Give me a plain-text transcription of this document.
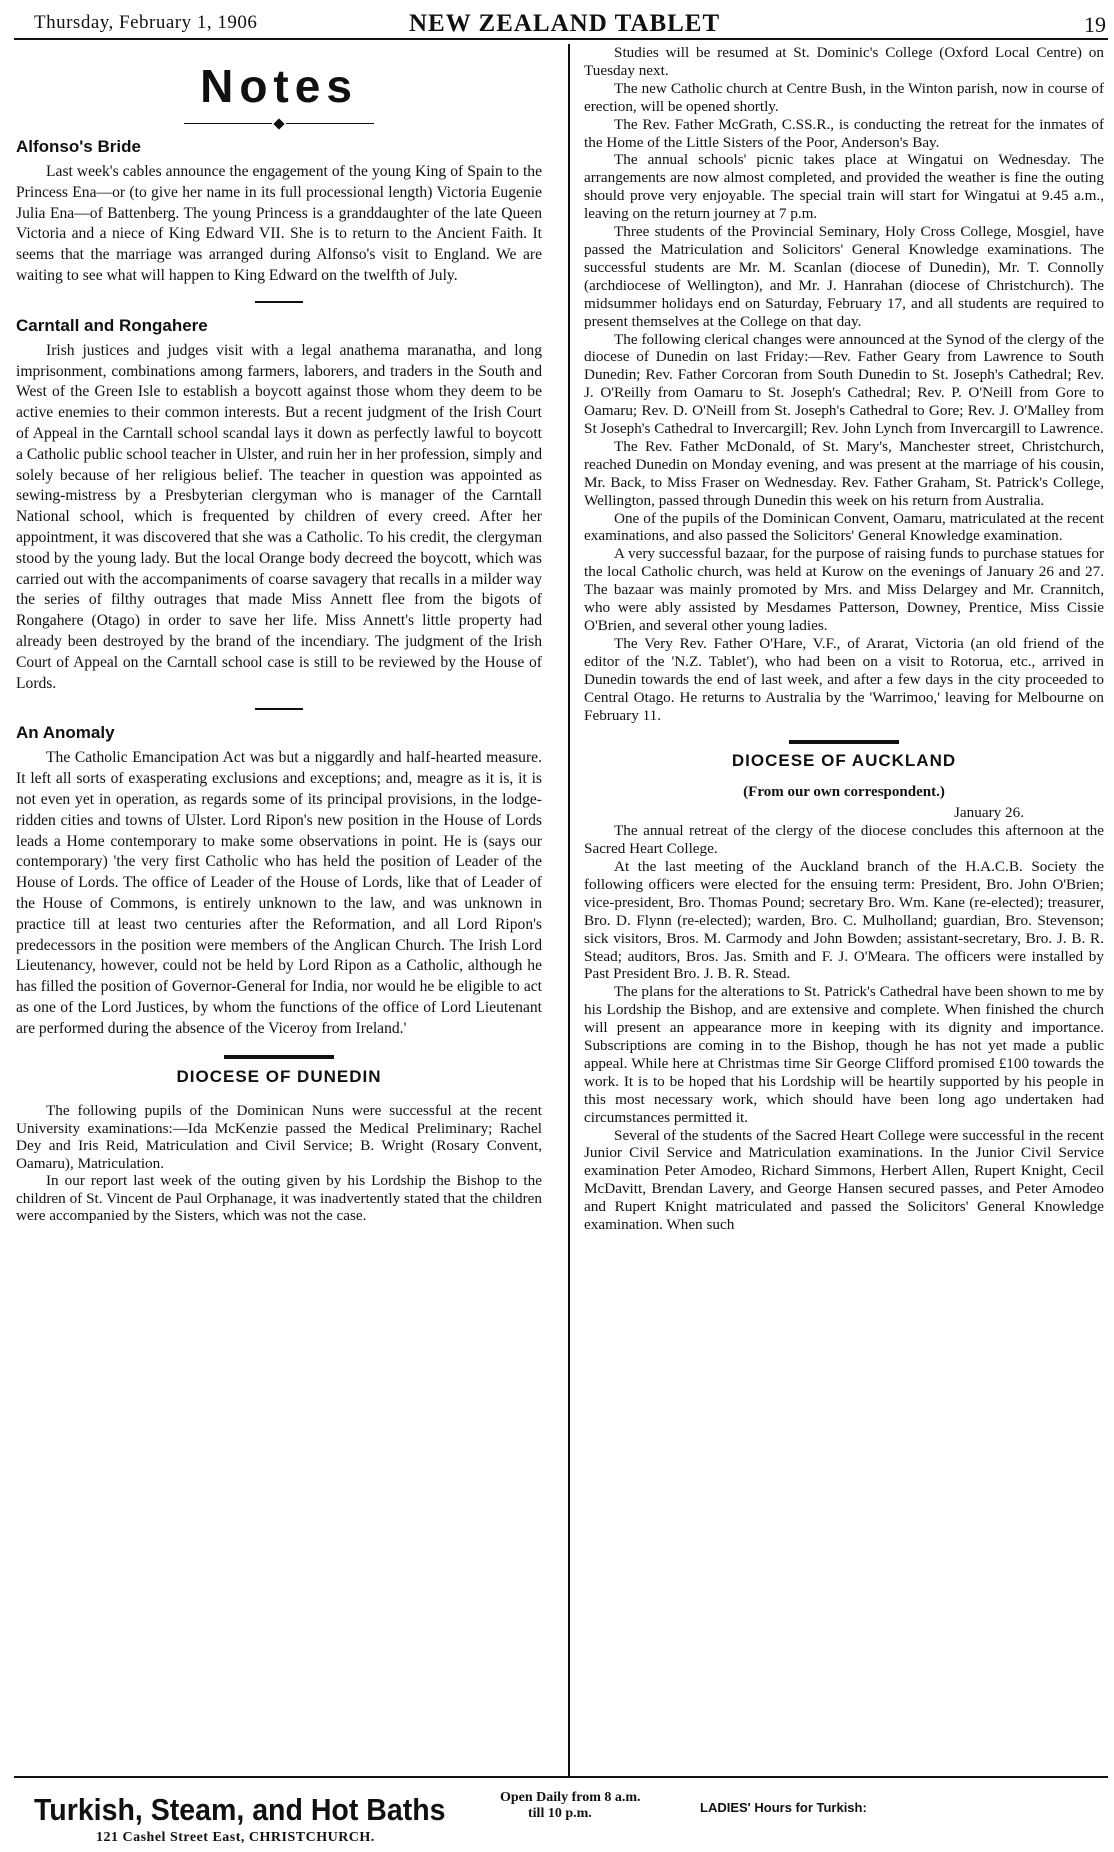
Thursday, February 1, 1906	NEW ZEALAND TABLET	19
Notes
Alfonso's Bride

Last week's cables announce the engagement of the young King of Spain to the Princess Ena—or (to give her name in its full processional length) Victoria Eugenie Julia Ena—of Battenberg. The young Princess is a granddaughter of the late Queen Victoria and a niece of King Edward VII. She is to return to the Ancient Faith. It seems that the marriage was arranged during Alfonso's visit to England. We are waiting to see what will happen to King Edward on the twelfth of July.

Carntall and Rongahere

Irish justices and judges visit with a legal anathema maranatha, and long imprisonment, combinations among farmers, laborers, and traders in the South and West of the Green Isle to establish a boycott against those whom they deem to be active enemies to their common interests. But a recent judgment of the Irish Court of Appeal in the Carntall school scandal lays it down as perfectly lawful to boycott a Catholic public school teacher in Ulster, and ruin her in her profession, simply and solely because of her religious belief. The teacher in question was appointed as sewing-mistress by a Presbyterian clergyman who is manager of the Carntall National school, which is frequented by children of every creed. After her appointment, it was discovered that she was a Catholic. To his credit, the clergyman stood by the young lady. But the local Orange body decreed the boycott, which was carried out with the accompaniments of coarse savagery that recalls in a milder way the series of filthy outrages that made Miss Annett flee from the bigots of Rongahere (Otago) in order to save her life. Miss Annett's little property had already been destroyed by the brand of the incendiary. The judgment of the Irish Court of Appeal on the Carntall school case is still to be reviewed by the House of Lords.

An Anomaly

The Catholic Emancipation Act was but a niggardly and half-hearted measure. It left all sorts of exasperating exclusions and exceptions; and, meagre as it is, it is not even yet in operation, as regards some of its principal provisions, in the lodge-ridden cities and towns of Ulster. Lord Ripon's new position in the House of Lords leads a Home contemporary to make some observations in point. He is (says our contemporary) 'the very first Catholic who has held the position of Leader of the House of Lords. The office of Leader of the House of Lords, like that of Leader of the House of Commons, is entirely unknown to the law, and was unknown in practice till at least two centuries after the Reformation, and all Lord Ripon's predecessors in the position were members of the Anglican Church. The Irish Lord Lieutenancy, however, could not be held by Lord Ripon as a Catholic, although he has filled the position of Governor-General for India, nor would he be eligible to act as one of the Lord Justices, by whom the functions of the office of Lord Lieutenant are performed during the absence of the Viceroy from Ireland.'

DIOCESE OF DUNEDIN

The following pupils of the Dominican Nuns were successful at the recent University examinations:—Ida McKenzie passed the Medical Preliminary; Rachel Dey and Iris Reid, Matriculation and Civil Service; B. Wright (Rosary Convent, Oamaru), Matriculation.

In our report last week of the outing given by his Lordship the Bishop to the children of St. Vincent de Paul Orphanage, it was inadvertently stated that the children were accompanied by the Sisters, which was not the case.

Studies will be resumed at St. Dominic's College (Oxford Local Centre) on Tuesday next.

The new Catholic church at Centre Bush, in the Winton parish, now in course of erection, will be opened shortly.

The Rev. Father McGrath, C.SS.R., is conducting the retreat for the inmates of the Home of the Little Sisters of the Poor, Anderson's Bay.

The annual schools' picnic takes place at Wingatui on Wednesday. The arrangements are now almost completed, and provided the weather is fine the outing should prove very enjoyable. The special train will start for Wingatui at 9.45 a.m., leaving on the return journey at 7 p.m.

Three students of the Provincial Seminary, Holy Cross College, Mosgiel, have passed the Matriculation and Solicitors' General Knowledge examinations. The successful students are Mr. M. Scanlan (diocese of Dunedin), Mr. T. Connolly (archdiocese of Wellington), and Mr. J. Hanrahan (diocese of Christchurch). The midsummer holidays end on Saturday, February 17, and all students are required to present themselves at the College on that day.

The following clerical changes were announced at the Synod of the clergy of the diocese of Dunedin on last Friday:—Rev. Father Geary from Lawrence to South Dunedin; Rev. Father Corcoran from South Dunedin to St. Joseph's Cathedral; Rev. J. O'Reilly from Oamaru to St. Joseph's Cathedral; Rev. P. O'Neill from Gore to Oamaru; Rev. D. O'Neill from St. Joseph's Cathedral to Gore; Rev. J. O'Malley from St Joseph's Cathedral to Invercargill; Rev. John Lynch from Invercargill to Lawrence.

The Rev. Father McDonald, of St. Mary's, Manchester street, Christchurch, reached Dunedin on Monday evening, and was present at the marriage of his cousin, Mr. Back, to Miss Fraser on Wednesday. Rev. Father Graham, St. Patrick's College, Wellington, passed through Dunedin this week on his return from Australia.

One of the pupils of the Dominican Convent, Oamaru, matriculated at the recent examinations, and also passed the Solicitors' General Knowledge examination.

A very successful bazaar, for the purpose of raising funds to purchase statues for the local Catholic church, was held at Kurow on the evenings of January 26 and 27. The bazaar was mainly promoted by Mrs. and Miss Delargey and Mr. Crannitch, who were ably assisted by Mesdames Patterson, Downey, Prentice, Miss Cissie O'Brien, and several other young ladies.

The Very Rev. Father O'Hare, V.F., of Ararat, Victoria (an old friend of the editor of the 'N.Z. Tablet'), who had been on a visit to Rotorua, etc., arrived in Dunedin towards the end of last week, and after a few days in the city proceeded to Central Otago. He returns to Australia by the 'Warrimoo,' leaving for Melbourne on February 11.

DIOCESE OF AUCKLAND
(From our own correspondent.)
January 26.

The annual retreat of the clergy of the diocese concludes this afternoon at the Sacred Heart College.

At the last meeting of the Auckland branch of the H.A.C.B. Society the following officers were elected for the ensuing term: President, Bro. John O'Brien; vice-president, Bro. Thomas Pound; secretary Bro. Wm. Kane (re-elected); treasurer, Bro. D. Flynn (re-elected); warden, Bro. C. Mulholland; guardian, Bro. Stevenson; sick visitors, Bros. M. Carmody and John Bowden; assistant-secretary, Bro. J. B. R. Stead; auditors, Bros. Jas. Smith and F. J. O'Meara. The officers were installed by Past President Bro. J. B. R. Stead.

The plans for the alterations to St. Patrick's Cathedral have been shown to me by his Lordship the Bishop, and are extensive and complete. When finished the church will present an appearance more in keeping with its dignity and importance. Subscriptions are coming in to the Bishop, though he has not yet made a public appeal. While here at Christmas time Sir George Clifford promised £100 towards the work. It is to be hoped that his Lordship will be heartily supported by his people in this most necessary work, which should have been long ago undertaken had circumstances permitted it.

Several of the students of the Sacred Heart College were successful in the recent Junior Civil Service and Matriculation examinations. In the Junior Civil Service examination Peter Amodeo, Richard Simmons, Herbert Allen, Rupert Knight, Cecil McDavitt, Brendan Lavery, and George Hansen secured passes, and Peter Amodeo and Rupert Knight matriculated and passed the Solicitors' General Knowledge examination. When such

Turkish, Steam, and Hot Baths
121 Cashel Street East, CHRISTCHURCH.
Open Daily from 8 a.m.
till 10 p.m.	LADIES' Hours for Turkish:
